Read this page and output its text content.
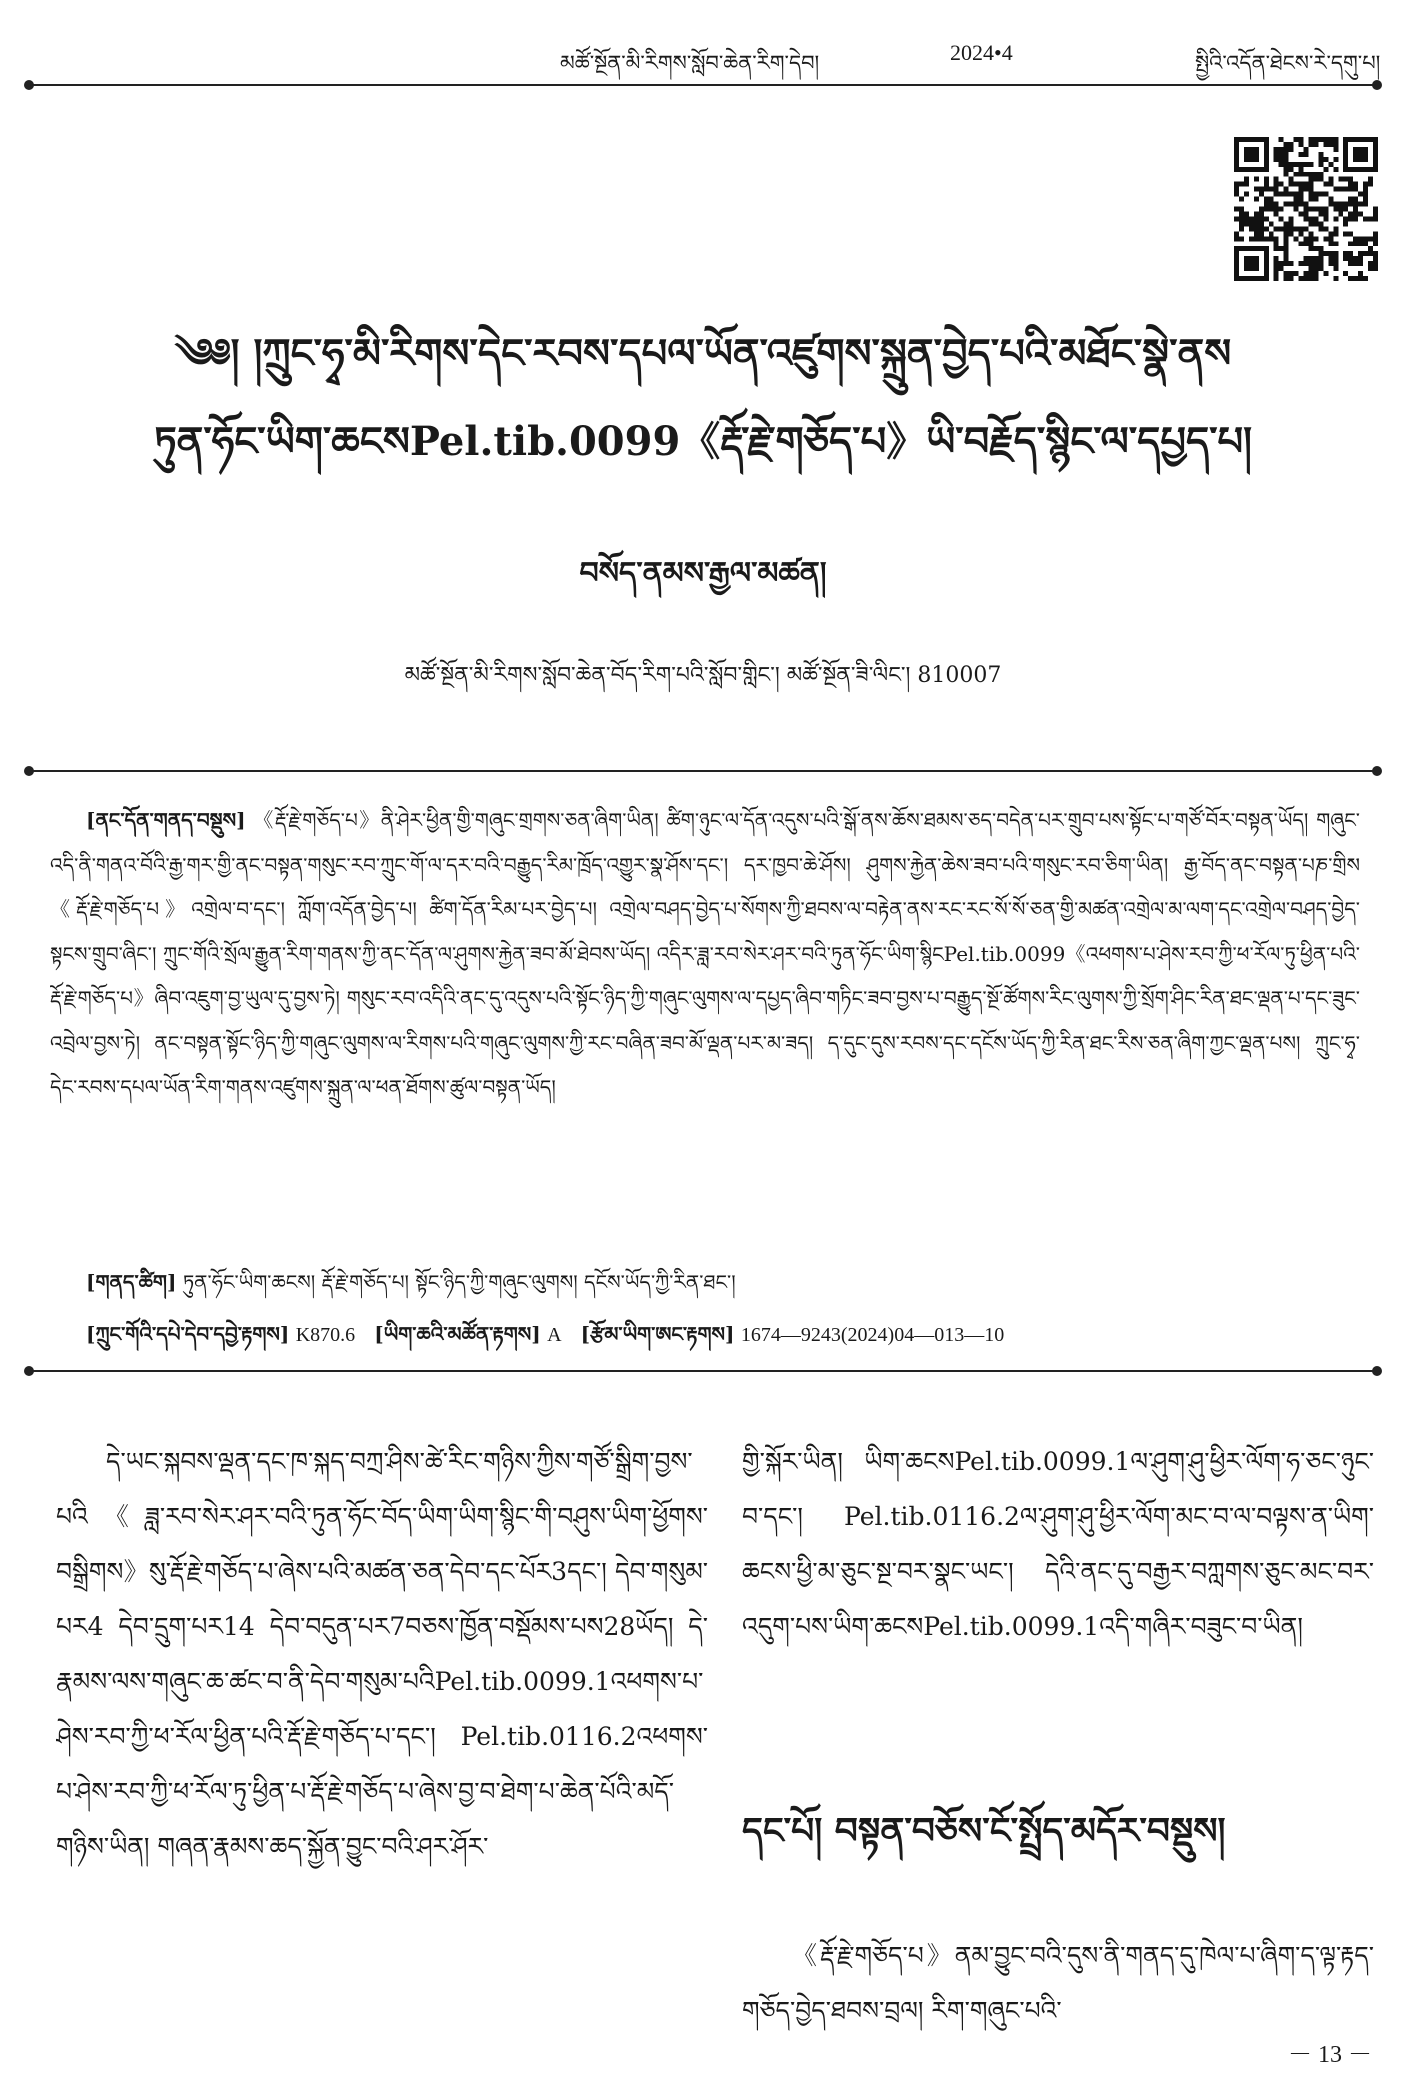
མཚོ་སྔོན་མི་རིགས་སློབ་ཆེན་རིག་དེབ།	2024•4	སྤྱིའི་འདོན་ཐེངས་རེ་དགུ་པ།
༄༅། །ཀྲུང་ཧྭ་མི་རིགས་དེང་རབས་དཔལ་ཡོན་འཛུགས་སྐྲུན་བྱེད་པའི་མཐོང་སྣེ་ནས
ཏུན་ཧོང་ཡིག་ཆངསPel.tib.0099《རྡོ་རྗེ་གཅོད་པ》ཡི་བརྗོད་སྙིང་ལ་དཔྱད་པ།
བསོད་ནམས་རྒྱལ་མཚན།
མཚོ་སྔོན་མི་རིགས་སློབ་ཆེན་བོད་རིག་པའི་སློབ་གླིང་། མཚོ་སྔོན་ཟི་ལིང་། 810007
[ནང་དོན་གནད་བསྡུས] 《རྡོ་རྗེ་གཅོད་པ》ནི་ཤེར་ཕྱིན་གྱི་གཞུང་གྲགས་ཅན་ཞིག་ཡིན། ཚིག་ཉུང་ལ་དོན་འདུས་པའི་སྒོ་ནས་ཆོས་ཐམས་ཅད་བདེན་པར་གྲུབ་པས་སྟོང་པ་གཙོ་བོར་བསྟན་ཡོད། གཞུང་འདི་ནི་གནའ་བོའི་རྒྱ་གར་གྱི་ནང་བསྟན་གསུང་རབ་ཀྲུང་གོ་ལ་དར་བའི་བརྒྱུད་རིམ་ཁྲོད་འགྱུར་སྣ་ཤོས་དང་། དར་ཁྱབ་ཆེ་ཤོས། ཤུགས་རྐྱེན་ཆེས་ཟབ་པའི་གསུང་རབ་ཅིག་ཡིན། རྒྱ་བོད་ནང་བསྟན་པཎ་གྲིས《རྡོ་རྗེ་གཅོད་པ》འགྲེལ་བ་དང་། ཀློག་འདོན་བྱེད་པ། ཚིག་དོན་རིམ་པར་བྱེད་པ། འགྲེལ་བཤད་བྱེད་པ་སོགས་ཀྱི་ཐབས་ལ་བརྟེན་ནས་རང་རང་སོ་སོ་ཅན་གྱི་མཚན་འགྲེལ་མ་ལག་དང་འགྲེལ་བཤད་བྱེད་སྟངས་གྲུབ་ཞིང་། ཀྲུང་གོའི་སྲོལ་རྒྱུན་རིག་གནས་ཀྱི་ནང་དོན་ལ་ཤུགས་རྐྱེན་ཟབ་མོ་ཐེབས་ཡོད། འདིར་ཟླ་རབ་སེར་ཤར་བའི་ཏུན་ཧོང་ཡིག་སྙིངPel.tib.0099《འཕགས་པ་ཤེས་རབ་ཀྱི་ཕ་རོལ་ཏུ་ཕྱིན་པའི་རྡོ་རྗེ་གཅོད་པ》ཞིབ་འཇུག་བྱ་ཡུལ་དུ་བྱས་ཏེ། གསུང་རབ་འདིའི་ནང་དུ་འདུས་པའི་སྟོང་ཉིད་ཀྱི་གཞུང་ལུགས་ལ་དཔྱད་ཞིབ་གཏིང་ཟབ་བྱས་པ་བརྒྱུད་སྔོ་ཚོགས་རིང་ལུགས་ཀྱི་སྲོག་ཤིང་རིན་ཐང་ལྡན་པ་དང་ཟུང་འབྲེལ་བྱས་ཏེ། ནང་བསྟན་སྟོང་ཉིད་ཀྱི་གཞུང་ལུགས་ལ་རིགས་པའི་གཞུང་ལུགས་ཀྱི་རང་བཞིན་ཟབ་མོ་ལྡན་པར་མ་ཟད། ད་དུང་དུས་རབས་དང་དངོས་ཡོད་ཀྱི་རིན་ཐང་རིས་ཅན་ཞིག་ཀྱང་ལྡན་པས། ཀྲུང་ཧྭ་དེང་རབས་དཔལ་ཡོན་རིག་གནས་འཛུགས་སྐྲུན་ལ་ཕན་ཐོགས་ཚུལ་བསྟན་ཡོད།
[གནད་ཚིག] ཏུན་ཧོང་ཡིག་ཆངས། རྡོ་རྗེ་གཅོད་པ། སྟོང་ཉིད་ཀྱི་གཞུང་ལུགས། དངོས་ཡོད་ཀྱི་རིན་ཐང་།
[ཀྲུང་གོའི་དཔེ་དེབ་དབྱེ་རྟགས] K870.6 [ཡིག་ཆའི་མཚོན་རྟགས] A [རྩོམ་ཡིག་ཨང་རྟགས] 1674—9243(2024)04—013—10
དེ་ཡང་སྐབས་ལྡན་དང་ཁ་སྐད་བཀྲ་ཤིས་ཚེ་རིང་གཉིས་ཀྱིས་གཙོ་སྒྲིག་བྱས་པའི《ཟླ་རབ་སེར་ཤར་བའི་ཏུན་ཧོང་བོད་ཡིག་ཡིག་སྙིང་གི་བཤུས་ཡིག་ཕྱོགས་བསྒྲིགས》སུ་རྡོ་རྗེ་གཅོད་པ་ཞེས་པའི་མཚན་ཅན་དེབ་དང་པོར3དང་། དེབ་གསུམ་པར4 དེབ་དྲུག་པར14 དེབ་བདུན་པར7བཅས་ཁྱོན་བསྡོམས་པས28ཡོད། དེ་རྣམས་ལས་གཞུང་ཆ་ཚང་བ་ནི་དེབ་གསུམ་པའིPel.tib.0099.1འཕགས་པ་ཤེས་རབ་ཀྱི་ཕ་རོལ་ཕྱིན་པའི་རྡོ་རྗེ་གཅོད་པ་དང་། Pel.tib.0116.2འཕགས་པ་ཤེས་རབ་ཀྱི་ཕ་རོལ་ཏུ་ཕྱིན་པ་རྡོ་རྗེ་གཅོད་པ་ཞེས་བྱ་བ་ཐེག་པ་ཆེན་པོའི་མདོ་གཉིས་ཡིན། གཞན་རྣམས་ཆད་སྐྱོན་བྱུང་བའི་ཤར་ཤོར་
གྱི་སྐོར་ཡིན། ཡིག་ཆངསPel.tib.0099.1ལ་ཤུག་ཤུ་ཕྱིར་ལོག་ཧ་ཅང་ཉུང་བ་དང་། Pel.tib.0116.2ལ་ཤུག་ཤུ་ཕྱིར་ལོག་མང་བ་ལ་བལྟས་ན་ཡིག་ཆངས་ཕྱི་མ་ཅུང་སྔ་བར་སྣང་ཡང་། དེའི་ནང་དུ་བརྒྱར་བཀླགས་ཅུང་མང་བར་འདུག་པས་ཡིག་ཆངསPel.tib.0099.1འདི་གཞིར་བཟུང་བ་ཡིན།
དང་པོ། བསྟན་བཅོས་ངོ་སྤྲོད་མདོར་བསྡུས།
《རྡོ་རྗེ་གཅོད་པ》ནམ་བྱུང་བའི་དུས་ནི་གནད་དུ་ཁེལ་པ་ཞིག་ད་ལྟ་རྟད་གཅོད་བྱེད་ཐབས་བྲལ། རིག་གཞུང་པའི་
－ 13 －
